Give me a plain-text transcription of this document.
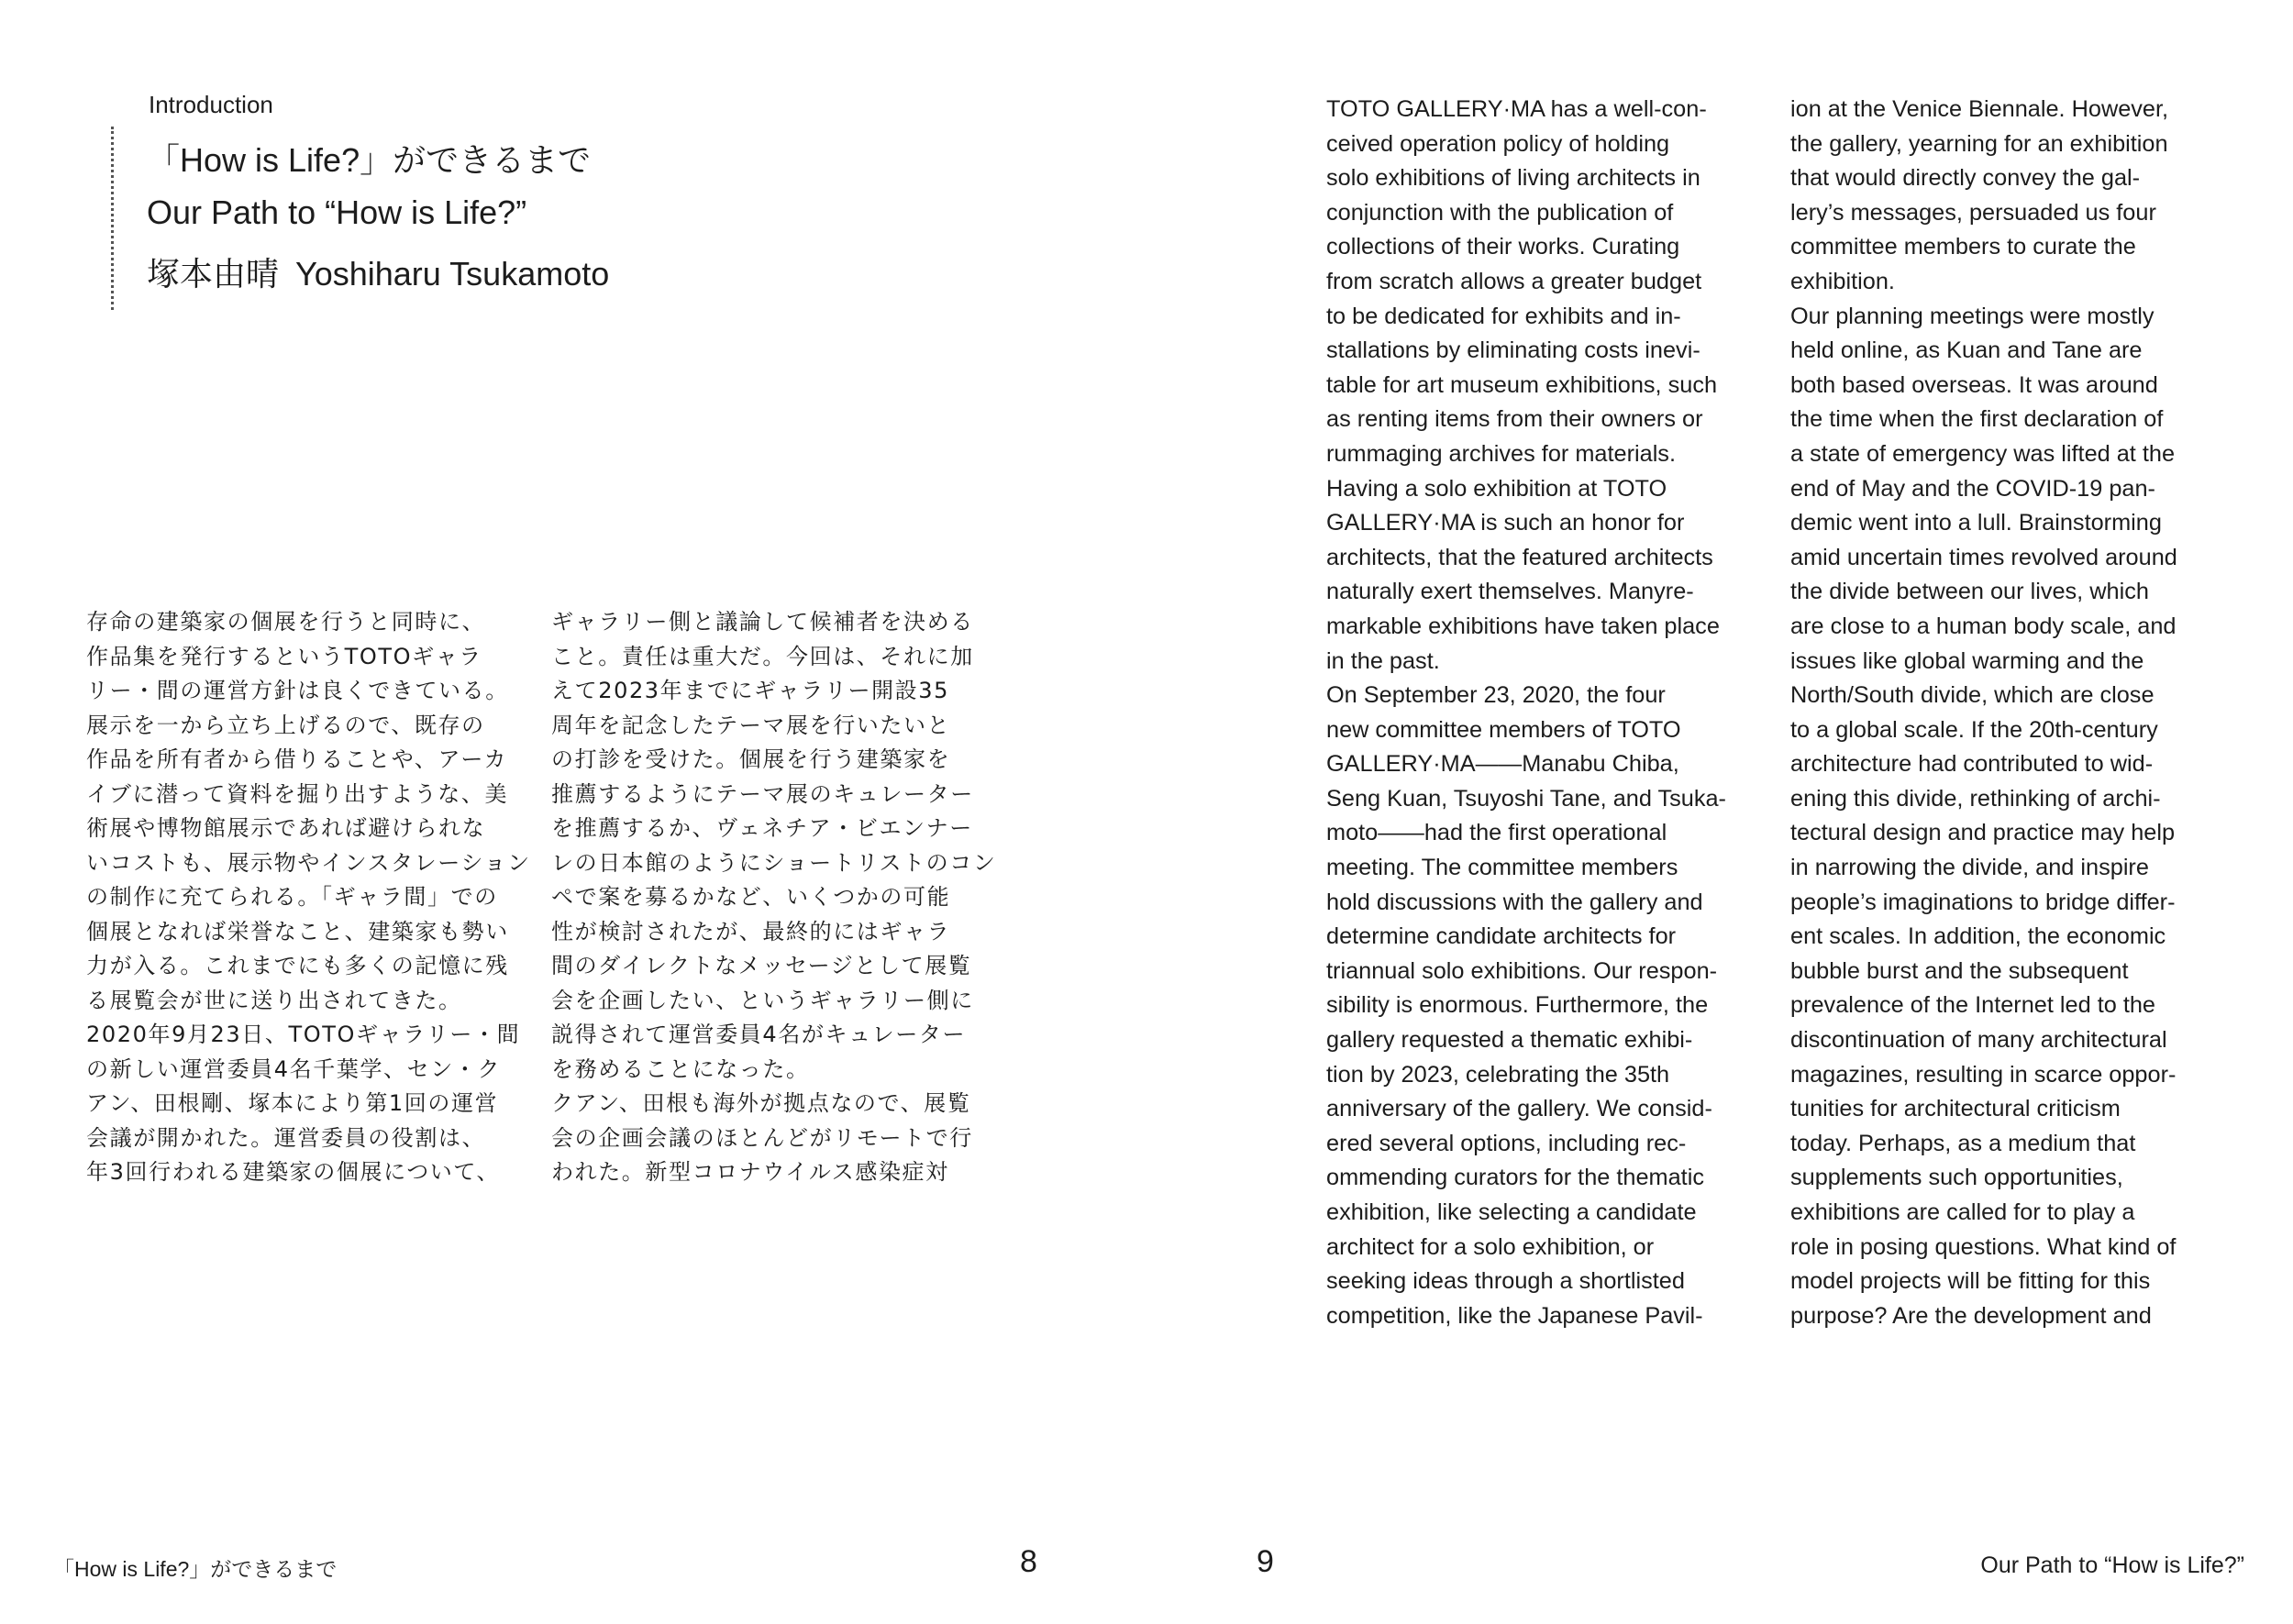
Introduction
「How is Life?」ができるまで
Our Path to “How is Life?”
塚本由晴 Yoshiharu Tsukamoto

存命の建築家の個展を行うと同時に、

作品集を発行するというTOTOギャラ

リー・間の運営方針は良くできている。

展示を一から立ち上げるので、既存の

作品を所有者から借りることや、アーカ

イブに潜って資料を掘り出すような、美

術展や博物館展示であれば避けられな

いコストも、展示物やインスタレーション

の制作に充てられる。「ギャラ間」での

個展となれば栄誉なこと、建築家も勢い

力が入る。これまでにも多くの記憶に残

る展覧会が世に送り出されてきた。

2020年9月23日、TOTOギャラリー・間

の新しい運営委員4名千葉学、セン・ク

アン、田根剛、塚本により第1回の運営

会議が開かれた。運営委員の役割は、

年3回行われる建築家の個展について、

ギャラリー側と議論して候補者を決める

こと。責任は重大だ。今回は、それに加

えて2023年までにギャラリー開設35

周年を記念したテーマ展を行いたいと

の打診を受けた。個展を行う建築家を

推薦するようにテーマ展のキュレーター

を推薦するか、ヴェネチア・ビエンナー

レの日本館のようにショートリストのコン

ペで案を募るかなど、いくつかの可能

性が検討されたが、最終的にはギャラ

間のダイレクトなメッセージとして展覧

会を企画したい、というギャラリー側に

説得されて運営委員4名がキュレーター

を務めることになった。

クアン、田根も海外が拠点なので、展覧

会の企画会議のほとんどがリモートで行

われた。新型コロナウイルス感染症対

TOTO GALLERY·MA has a well-con-

ceived operation policy of holding

solo exhibitions of living architects in

conjunction with the publication of

collections of their works. Curating

from scratch allows a greater budget

to be dedicated for exhibits and in-

stallations by eliminating costs inevi-

table for art museum exhibitions, such

as renting items from their owners or

rummaging archives for materials.

Having a solo exhibition at TOTO

GALLERY·MA is such an honor for

architects, that the featured architects

naturally exert themselves. Manyre-

markable exhibitions have taken place

in the past.

On September 23, 2020, the four

new committee members of TOTO

GALLERY·MA——Manabu Chiba,

Seng Kuan, Tsuyoshi Tane, and Tsuka-

moto——had the first operational

meeting. The committee members

hold discussions with the gallery and

determine candidate architects for

triannual solo exhibitions. Our respon-

sibility is enormous. Furthermore, the

gallery requested a thematic exhibi-

tion by 2023, celebrating the 35th

anniversary of the gallery. We consid-

ered several options, including rec-

ommending curators for the thematic

exhibition, like selecting a candidate

architect for a solo exhibition, or

seeking ideas through a shortlisted

competition, like the Japanese Pavil-

ion at the Venice Biennale. However,

the gallery, yearning for an exhibition

that would directly convey the gal-

lery’s messages, persuaded us four

committee members to curate the

exhibition.

Our planning meetings were mostly

held online, as Kuan and Tane are

both based overseas. It was around

the time when the first declaration of

a state of emergency was lifted at the

end of May and the COVID-19 pan-

demic went into a lull. Brainstorming

amid uncertain times revolved around

the divide between our lives, which

are close to a human body scale, and

issues like global warming and the

North/South divide, which are close

to a global scale. If the 20th-century

architecture had contributed to wid-

ening this divide, rethinking of archi-

tectural design and practice may help

in narrowing the divide, and inspire

people’s imaginations to bridge differ-

ent scales. In addition, the economic

bubble burst and the subsequent

prevalence of the Internet led to the

discontinuation of many architectural

magazines, resulting in scarce oppor-

tunities for architectural criticism

today. Perhaps, as a medium that

supplements such opportunities,

exhibitions are called for to play a

role in posing questions. What kind of

model projects will be fitting for this

purpose? Are the development and

「How is Life?」ができるまで	8	9	Our Path to “How is Life?”
